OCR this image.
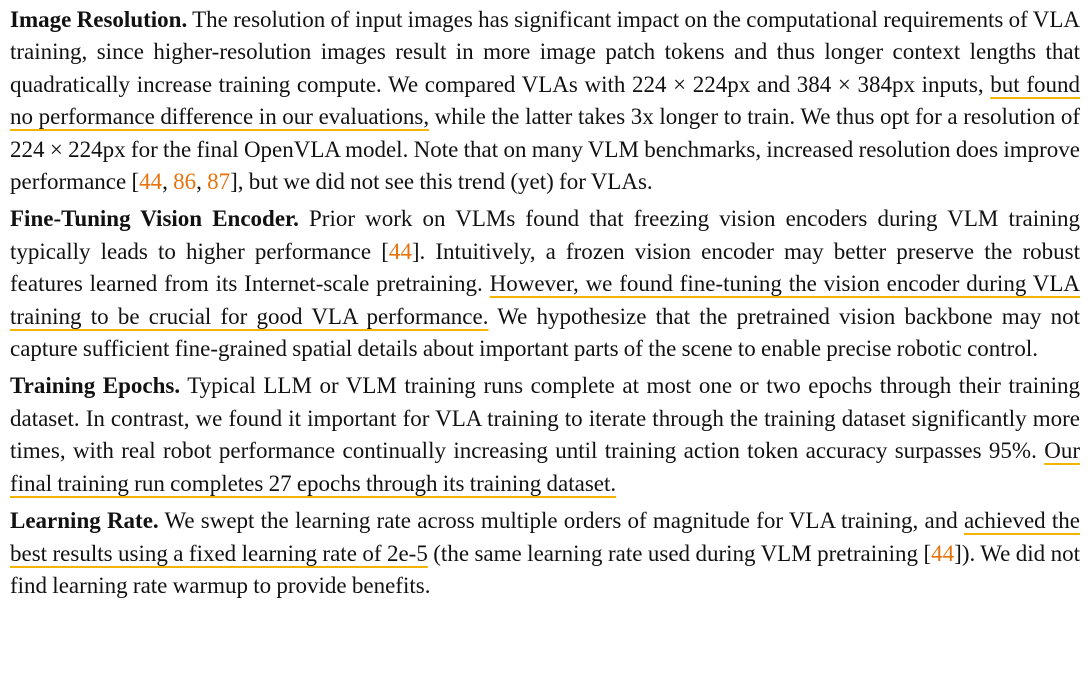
Image Resolution. The resolution of input images has significant impact on the computational requirements of VLA training, since higher-resolution images result in more image patch tokens and thus longer context lengths that quadratically increase training compute. We compared VLAs with 224 × 224px and 384 × 384px inputs, but found no performance difference in our evaluations, while the latter takes 3x longer to train. We thus opt for a resolution of 224 × 224px for the final OpenVLA model. Note that on many VLM benchmarks, increased resolution does improve performance [44, 86, 87], but we did not see this trend (yet) for VLAs.

Fine-Tuning Vision Encoder. Prior work on VLMs found that freezing vision encoders during VLM training typically leads to higher performance [44]. Intuitively, a frozen vision encoder may better preserve the robust features learned from its Internet-scale pretraining. However, we found fine-tuning the vision encoder during VLA training to be crucial for good VLA performance. We hypothesize that the pretrained vision backbone may not capture sufficient fine-grained spatial details about important parts of the scene to enable precise robotic control.

Training Epochs. Typical LLM or VLM training runs complete at most one or two epochs through their training dataset. In contrast, we found it important for VLA training to iterate through the training dataset significantly more times, with real robot performance continually increasing until training action token accuracy surpasses 95%. Our final training run completes 27 epochs through its training dataset.

Learning Rate. We swept the learning rate across multiple orders of magnitude for VLA training, and achieved the best results using a fixed learning rate of 2e-5 (the same learning rate used during VLM pretraining [44]). We did not find learning rate warmup to provide benefits.
